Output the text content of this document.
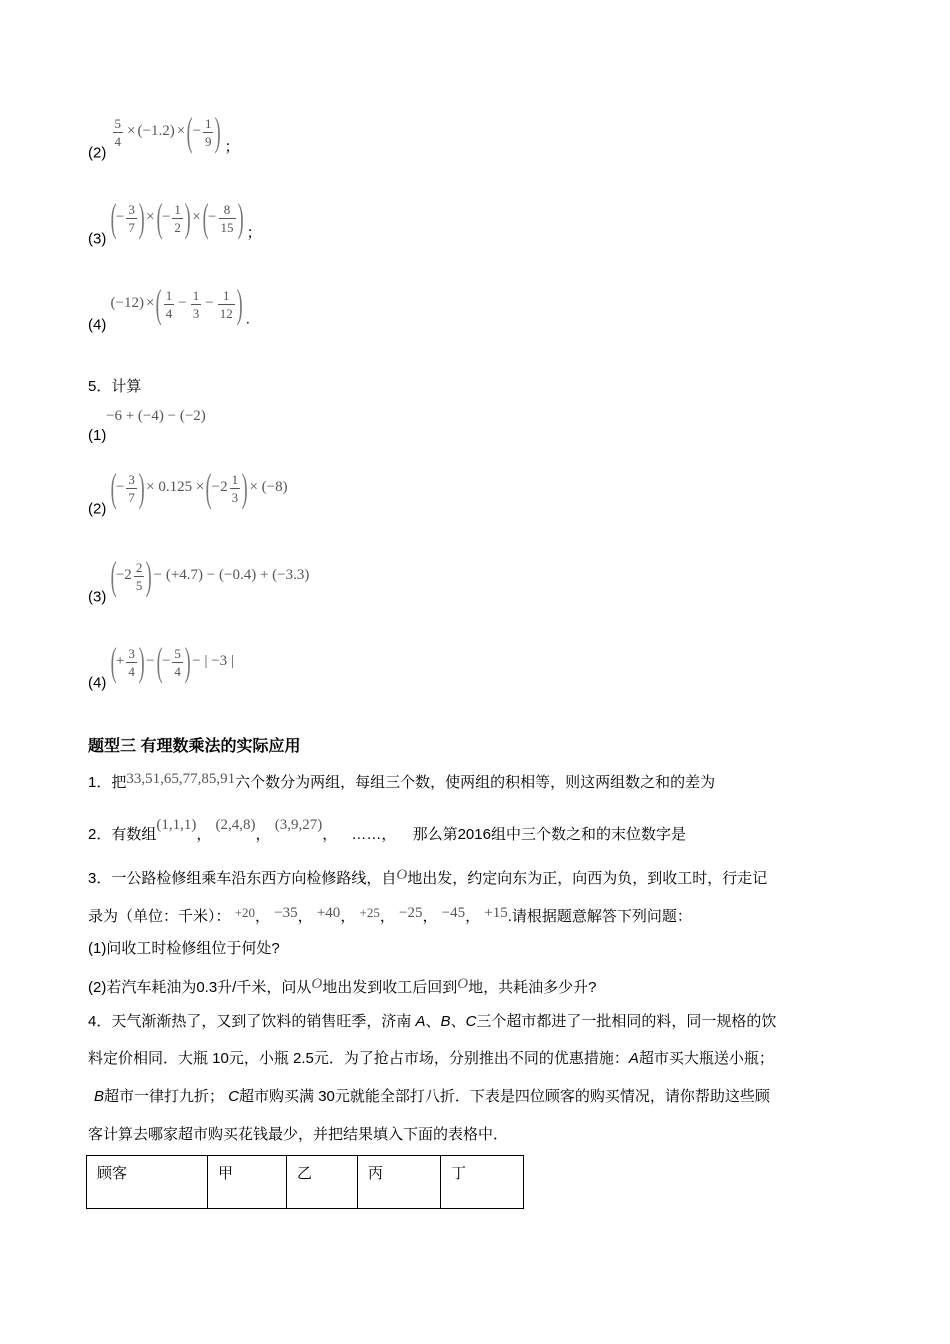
(2)
$\frac{5}{4} \times (-1.2)$ ×(− $\frac{1}{9}$ ) ；
(3) (− $\frac{3}{7}$ ) ×(− $\frac{1}{2}$ ) ×(− $\frac{8}{15}$ ) ；
(4) (−12) ×( $\frac{1}{4} - \frac{1}{3} - \frac{1}{12}$ ) .
5．计算
−6 + (−4) − (−2)
(1)
(2) (− $\frac{3}{7}$ ) × $0.125 \times(-2 \frac{1}{3}$ ) × (−8)
(3) ($-2 \frac{2}{5}$ ) − (+4.7) − (−0.4) + (−3.3)
(4) (+ $\frac{3}{4}$ ) −(− $\frac{5}{4}$ ) − | −3 |
题型三 有理数乘法的实际应用
1．把33,51,65,77,85,91六个数分为两组，每组三个数，使两组的积相等，则这两组数之和的差为
2．有数组(1,1,1)， (2,4,8)， (3,9,27)， ……， 那么第2016组中三个数之和的末位数字是
3．一公路检修组乘车沿东西方向检修路线，自O地出发，约定向东为正，向西为负，到收工时，行走记
录为（单位：千米）： +20， −35， +40， +25， −25， −45， +15.请根据题意解答下列问题：
(1)问收工时检修组位于何处?
(2)若汽车耗油为0.3升/千米，问从O地出发到收工后回到O地，共耗油多少升?
4．天气渐渐热了，又到了饮料的销售旺季，济南 A、B、C三个超市都进了一批相同的料，同一规格的饮
料定价相同．大瓶 10元，小瓶 2.5元．为了抢占市场，分别推出不同的优惠措施：A超市买大瓶送小瓶；
B超市一律打九折； C超市购买满 30元就能全部打八折．下表是四位顾客的购买情况，请你帮助这些顾
客计算去哪家超市购买花钱最少，并把结果填入下面的表格中．
顾客	甲	乙	丙	丁
